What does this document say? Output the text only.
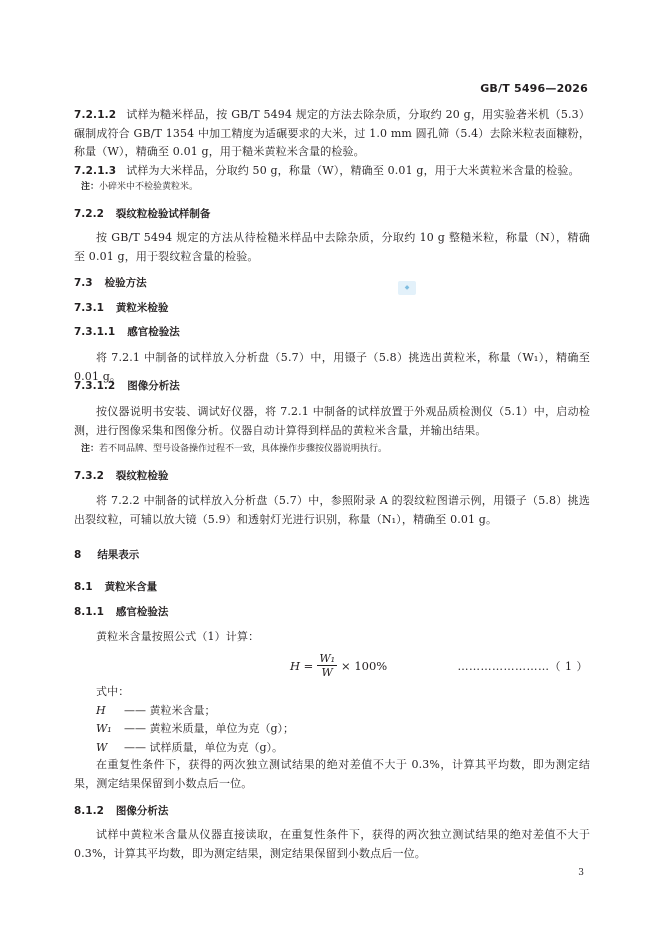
GB/T 5496—2026

7.2.1.2 试样为糙米样品，按 GB/T 5494 规定的方法去除杂质，分取约 20 g，用实验砻米机（5.3）碾制成符合 GB/T 1354 中加工精度为适碾要求的大米，过 1.0 mm 圆孔筛（5.4）去除米粒表面糠粉，称量（W），精确至 0.01 g，用于糙米黄粒米含量的检验。

7.2.1.3 试样为大米样品，分取约 50 g，称量（W），精确至 0.01 g，用于大米黄粒米含量的检验。

注：小碎米中不检验黄粒米。

7.2.2 裂纹粒检验试样制备

按 GB/T 5494 规定的方法从待检糙米样品中去除杂质，分取约 10 g 整糙米粒，称量（N），精确至 0.01 g，用于裂纹粒含量的检验。

7.3 检验方法	◆

7.3.1 黄粒米检验

7.3.1.1 感官检验法

将 7.2.1 中制备的试样放入分析盘（5.7）中，用镊子（5.8）挑选出黄粒米，称量（W₁），精确至 0.01 g。

7.3.1.2 图像分析法

按仪器说明书安装、调试好仪器，将 7.2.1 中制备的试样放置于外观品质检测仪（5.1）中，启动检测，进行图像采集和图像分析。仪器自动计算得到样品的黄粒米含量，并输出结果。

注：若不同品牌、型号设备操作过程不一致，具体操作步骤按仪器说明执行。

7.3.2 裂纹粒检验

将 7.2.2 中制备的试样放入分析盘（5.7）中，参照附录 A 的裂纹粒图谱示例，用镊子（5.8）挑选出裂纹粒，可辅以放大镜（5.9）和透射灯光进行识别，称量（N₁），精确至 0.01 g。

8 结果表示

8.1 黄粒米含量

8.1.1 感官检验法

黄粒米含量按照公式（1）计算：

$H = \frac{\text{W₁}}{W} \times 100\%$	……………………（ 1 ）

式中：

H —— 黄粒米含量；

W₁ —— 黄粒米质量，单位为克（g）；

W —— 试样质量，单位为克（g）。

在重复性条件下，获得的两次独立测试结果的绝对差值不大于 0.3%，计算其平均数，即为测定结果，测定结果保留到小数点后一位。

8.1.2 图像分析法

试样中黄粒米含量从仪器直接读取，在重复性条件下，获得的两次独立测试结果的绝对差值不大于 0.3%，计算其平均数，即为测定结果，测定结果保留到小数点后一位。

3
